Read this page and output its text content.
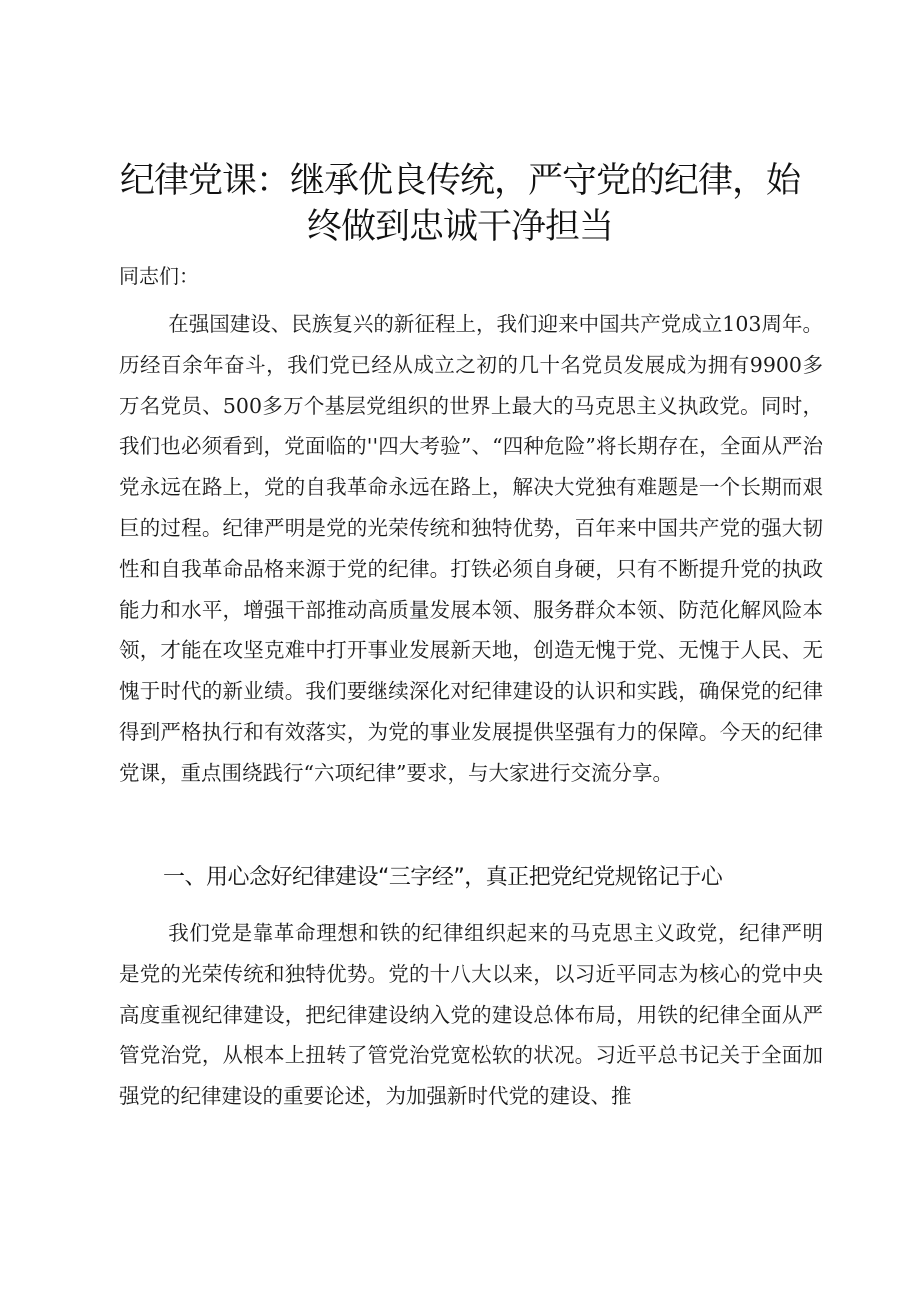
纪律党课：继承优良传统，严守党的纪律，始终做到忠诚干净担当

同志们：

在强国建设、民族复兴的新征程上，我们迎来中国共产党成立103周年。历经百余年奋斗，我们党已经从成立之初的几十名党员发展成为拥有9900多万名党员、500多万个基层党组织的世界上最大的马克思主义执政党。同时，我们也必须看到，党面临的''四大考验”、“四种危险”将长期存在，全面从严治党永远在路上，党的自我革命永远在路上，解决大党独有难题是一个长期而艰巨的过程。纪律严明是党的光荣传统和独特优势，百年来中国共产党的强大韧性和自我革命品格来源于党的纪律。打铁必须自身硬，只有不断提升党的执政能力和水平，增强干部推动高质量发展本领、服务群众本领、防范化解风险本领，才能在攻坚克难中打开事业发展新天地，创造无愧于党、无愧于人民、无愧于时代的新业绩。我们要继续深化对纪律建设的认识和实践，确保党的纪律得到严格执行和有效落实，为党的事业发展提供坚强有力的保障。今天的纪律党课，重点围绕践行“六项纪律”要求，与大家进行交流分享。

一、用心念好纪律建设“三字经”，真正把党纪党规铭记于心

我们党是靠革命理想和铁的纪律组织起来的马克思主义政党，纪律严明是党的光荣传统和独特优势。党的十八大以来，以习近平同志为核心的党中央高度重视纪律建设，把纪律建设纳入党的建设总体布局，用铁的纪律全面从严管党治党，从根本上扭转了管党治党宽松软的状况。习近平总书记关于全面加强党的纪律建设的重要论述，为加强新时代党的建设、推
